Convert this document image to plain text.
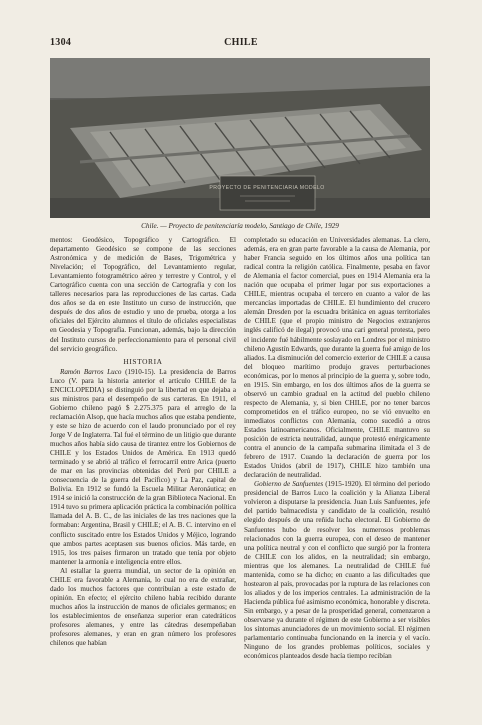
1304	CHILE
PROYECTO DE PENITENCIARIA MODELO
Chile. — Proyecto de penitenciaría modelo, Santiago de Chile, 1929

mentos: Geodésico, Topográfico y Cartográfico. El departamento Geodésico se compone de las secciones Astronómica y de medición de Bases, Trigométrica y Nivelación; el Topográfico, del Levantamiento regular, Levantamiento fotogramétrico aéreo y terrestre y Control, y el Cartográfico cuenta con una sección de Cartografía y con los talleres necesarios para las reproducciones de las cartas. Cada dos años se da en este Instituto un curso de instrucción, que después de dos años de estudio y uno de prueba, otorga a los oficiales del Ejército alumnos el título de oficiales especialistas en Geodesia y Topografía. Funcionan, además, bajo la dirección del Instituto cursos de perfeccionamiento para el personal civil del servicio geográfico.

HISTORIA

Ramón Barros Luco (1910-15). La presidencia de Barros Luco (V. para la historia anterior el artículo CHILE de la ENCICLOPEDIA) se distinguió por la libertad en que dejaba a sus ministros para el desempeño de sus carteras. En 1911, el Gobierno chileno pagó $ 2.275.375 para el arreglo de la reclamación Alsop, que hacía muchos años que estaba pendiente, y este se hizo de acuerdo con el laudo pronunciado por el rey Jorge V de Inglaterra. Tal fué el término de un litigio que durante muchos años había sido causa de tirantez entre los Gobiernos de CHILE y los Estados Unidos de América. En 1913 quedó terminado y se abrió al tráfico el ferrocarril entre Arica (puerto de mar en las provincias obtenidas del Perú por CHILE a consecuencia de la guerra del Pacífico) y La Paz, capital de Bolivia. En 1912 se fundó la Escuela Militar Aeronáutica; en 1914 se inició la construcción de la gran Biblioteca Nacional. En 1914 tuvo su primera aplicación práctica la combinación política llamada del A. B. C., de las iniciales de las tres naciones que la formaban: Argentina, Brasil y CHILE; el A. B. C. intervino en el conflicto suscitado entre los Estados Unidos y Méjico, logrando que ambos partes aceptasen sus buenos oficios. Más tarde, en 1915, los tres países firmaron un tratado que tenía por objeto mantener la armonía e inteligencia entre ellos.

Al estallar la guerra mundial, un sector de la opinión en CHILE era favorable a Alemania, lo cual no era de extrañar, dado los muchos factores que contribuían a este estado de opinión. En efecto; el ejército chileno había recibido durante muchos años la instrucción de manos de oficiales germanos; en los establecimientos de enseñanza superior eran catedráticos profesores alemanes, y entre las cátedras desempeñaban profesores alemanes, y eran en gran número los profesores chilenos que habían

completado su educación en Universidades alemanas. La clero, además, era en gran parte favorable a la causa de Alemania, por haber Francia seguido en los últimos años una política tan radical contra la religión católica. Finalmente, pesaba en favor de Alemania el factor comercial, pues en 1914 Alemania era la nación que ocupaba el primer lugar por sus exportaciones a CHILE, mientras ocupaba el tercero en cuanto a valor de las mercancías importadas de CHILE. El hundimiento del crucero alemán Dresden por la escuadra británica en aguas territoriales de CHILE (que el propio ministro de Negocios extranjeros inglés calificó de ilegal) provocó una cari general protesta, pero el incidente fué hábilmente soslayado en Londres por el ministro chileno Agustín Edwards, que durante la guerra fué amigo de los aliados. La disminución del comercio exterior de CHILE a causa del bloqueo marítimo produjo graves perturbaciones económicas, por lo menos al principio de la guerra y, sobre todo, en 1915. Sin embargo, en los dos últimos años de la guerra se observó un cambio gradual en la actitud del pueblo chileno respecto de Alemania, y, si bien CHILE, por no tener barcos comprometidos en el tráfico europeo, no se vió envuelto en inmediatos conflictos con Alemania, como sucedió a otros Estados latinoamericanos. Oficialmente, CHILE mantuvo su posición de estricta neutralidad, aunque protestó enérgicamente contra el anuncio de la campaña submarina ilimitada el 3 de febrero de 1917. Cuando la declaración de guerra por los Estados Unidos (abril de 1917), CHILE hizo también una declaración de neutralidad.

Gobierno de Sanfuentes (1915-1920). El término del periodo presidencial de Barros Luco la coalición y la Alianza Liberal volvieron a disputarse la presidencia. Juan Luis Sanfuentes, jefe del partido balmacedista y candidato de la coalición, resultó elegido después de una reñida lucha electoral. El Gobierno de Sanfuentes hubo de resolver los numerosos problemas relacionados con la guerra europea, con el deseo de mantener una política neutral y con el conflicto que surgió por la frontera de CHILE con los alidos, en la neutralidad; sin embargo, mientras que los alemanes. La neutralidad de CHILE fué mantenida, como se ha dicho; en cuanto a las dificultades que hostearon al país, provocadas por la ruptura de las relaciones con los aliados y de los imperios centrales. La administración de la Hacienda pública fué asimismo económica, honorable y discreta. Sin embargo, y a pesar de la prosperidad general, comenzaron a observarse ya durante el régimen de este Gobierno a ser visibles los síntomas anunciadores de un movimiento social. El régimen parlamentario continuaba funcionando en la inercia y el vacío. Ninguno de los grandes problemas políticos, sociales y económicos planteados desde hacía tiempo recibían
